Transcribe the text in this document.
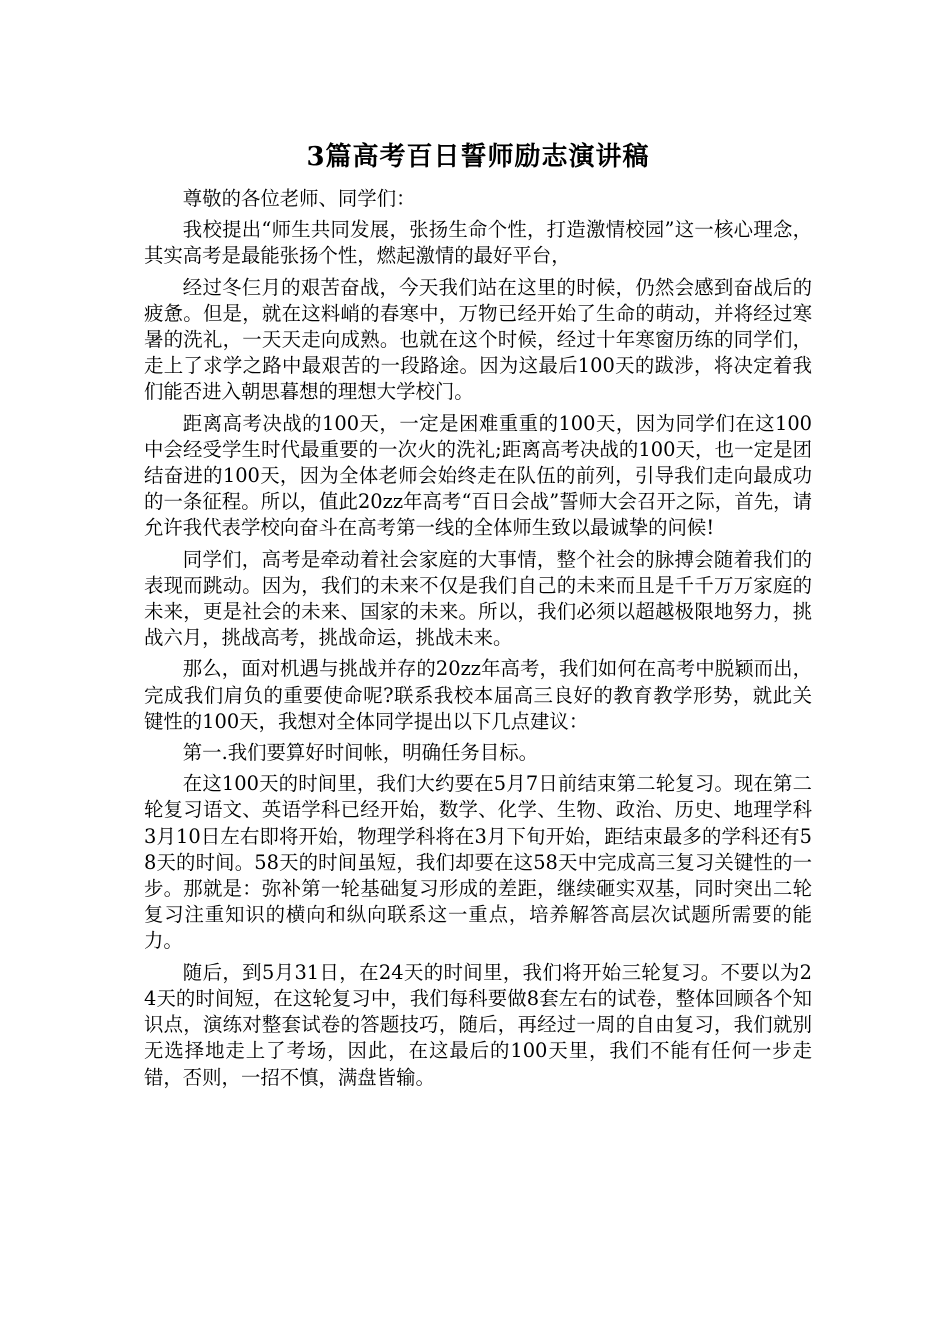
3篇高考百日誓师励志演讲稿

尊敬的各位老师、同学们：

我校提出“师生共同发展，张扬生命个性，打造激情校园”这一核心理念，其实高考是最能张扬个性，燃起激情的最好平台，

经过冬仨月的艰苦奋战，今天我们站在这里的时候，仍然会感到奋战后的疲惫。但是，就在这料峭的春寒中，万物已经开始了生命的萌动，并将经过寒暑的洗礼，一天天走向成熟。也就在这个时候，经过十年寒窗历练的同学们，走上了求学之路中最艰苦的一段路途。因为这最后100天的跋涉，将决定着我们能否进入朝思暮想的理想大学校门。

距离高考决战的100天，一定是困难重重的100天，因为同学们在这100中会经受学生时代最重要的一次火的洗礼;距离高考决战的100天，也一定是团结奋进的100天，因为全体老师会始终走在队伍的前列，引导我们走向最成功的一条征程。所以，值此20zz年高考“百日会战”誓师大会召开之际，首先，请允许我代表学校向奋斗在高考第一线的全体师生致以最诚挚的问候!

同学们，高考是牵动着社会家庭的大事情，整个社会的脉搏会随着我们的表现而跳动。因为，我们的未来不仅是我们自己的未来而且是千千万万家庭的未来，更是社会的未来、国家的未来。所以，我们必须以超越极限地努力，挑战六月，挑战高考，挑战命运，挑战未来。

那么，面对机遇与挑战并存的20zz年高考，我们如何在高考中脱颖而出，完成我们肩负的重要使命呢?联系我校本届高三良好的教育教学形势，就此关键性的100天，我想对全体同学提出以下几点建议：

第一.我们要算好时间帐，明确任务目标。

在这100天的时间里，我们大约要在5月7日前结束第二轮复习。现在第二轮复习语文、英语学科已经开始，数学、化学、生物、政治、历史、地理学科3月10日左右即将开始，物理学科将在3月下旬开始，距结束最多的学科还有58天的时间。58天的时间虽短，我们却要在这58天中完成高三复习关键性的一步。那就是：弥补第一轮基础复习形成的差距，继续砸实双基，同时突出二轮复习注重知识的横向和纵向联系这一重点，培养解答高层次试题所需要的能力。

随后，到5月31日，在24天的时间里，我们将开始三轮复习。不要以为24天的时间短，在这轮复习中，我们每科要做8套左右的试卷，整体回顾各个知识点，演练对整套试卷的答题技巧，随后，再经过一周的自由复习，我们就别无选择地走上了考场，因此，在这最后的100天里，我们不能有任何一步走错，否则，一招不慎，满盘皆输。
